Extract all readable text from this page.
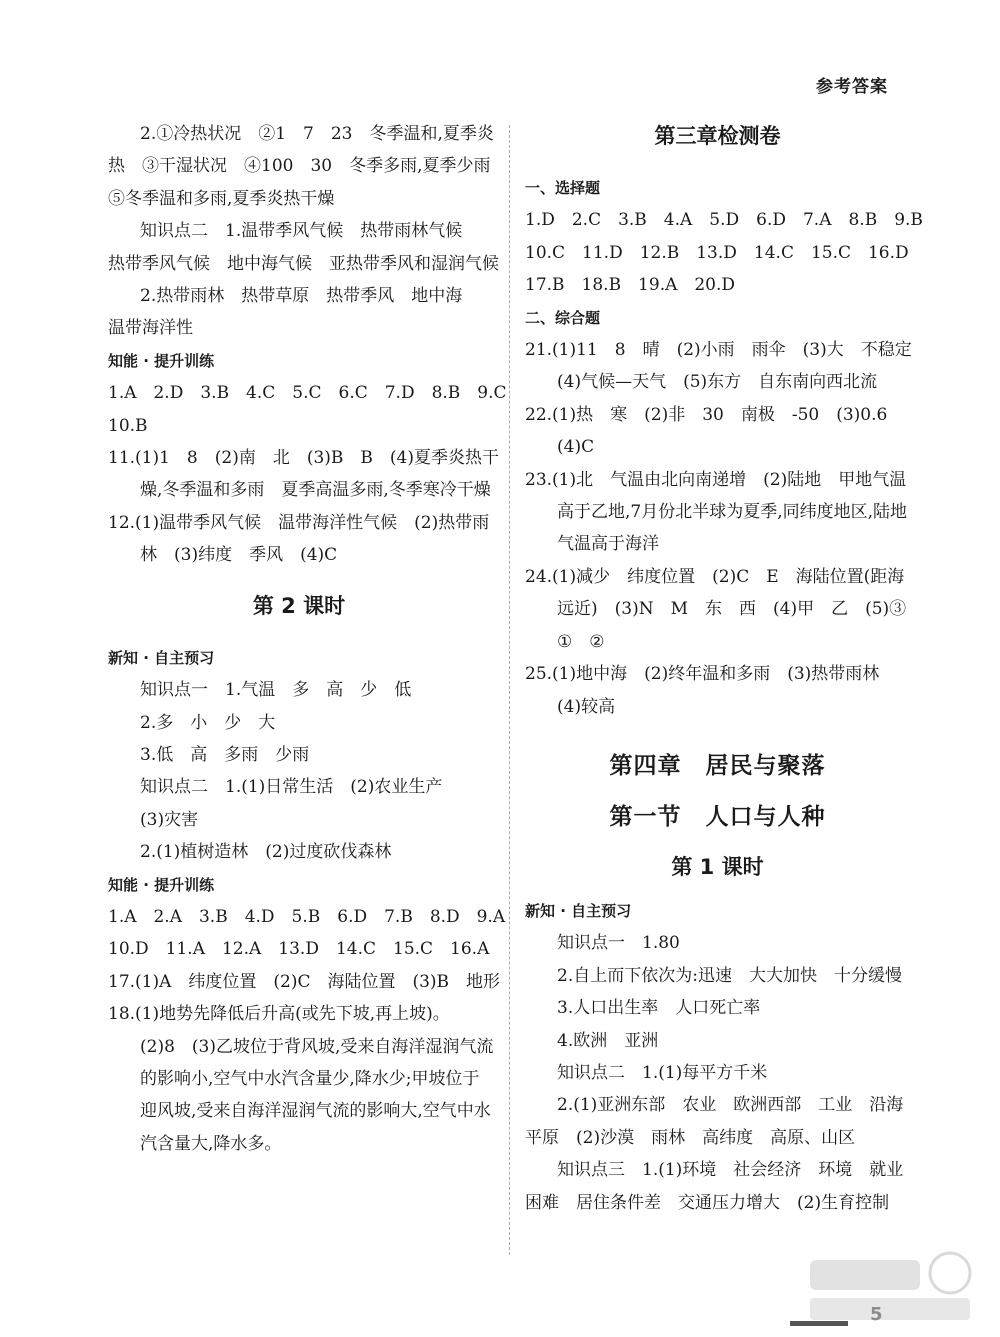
参考答案
2.①冷热状况　②1　7　23　冬季温和,夏季炎
热　③干湿状况　④100　30　冬季多雨,夏季少雨
⑤冬季温和多雨,夏季炎热干燥
知识点二　1.温带季风气候　热带雨林气候
热带季风气候　地中海气候　亚热带季风和湿润气候
2.热带雨林　热带草原　热带季风　地中海
温带海洋性
知能 · 提升训练
1.A　2.D　3.B　4.C　5.C　6.C　7.D　8.B　9.C
10.B
11.(1)1　8　(2)南　北　(3)B　B　(4)夏季炎热干
燥,冬季温和多雨　夏季高温多雨,冬季寒冷干燥
12.(1)温带季风气候　温带海洋性气候　(2)热带雨
林　(3)纬度　季风　(4)C
第 2 课时
新知 · 自主预习
知识点一　1.气温　多　高　少　低
2.多　小　少　大
3.低　高　多雨　少雨
知识点二　1.(1)日常生活　(2)农业生产
(3)灾害
2.(1)植树造林　(2)过度砍伐森林
知能 · 提升训练
1.A　2.A　3.B　4.D　5.B　6.D　7.B　8.D　9.A
10.D　11.A　12.A　13.D　14.C　15.C　16.A
17.(1)A　纬度位置　(2)C　海陆位置　(3)B　地形
18.(1)地势先降低后升高(或先下坡,再上坡)。
(2)8　(3)乙坡位于背风坡,受来自海洋湿润气流
的影响小,空气中水汽含量少,降水少;甲坡位于
迎风坡,受来自海洋湿润气流的影响大,空气中水
汽含量大,降水多。
第三章检测卷
一、选择题
1.D　2.C　3.B　4.A　5.D　6.D　7.A　8.B　9.B
10.C　11.D　12.B　13.D　14.C　15.C　16.D
17.B　18.B　19.A　20.D
二、综合题
21.(1)11　8　晴　(2)小雨　雨伞　(3)大　不稳定
(4)气候—天气　(5)东方　自东南向西北流
22.(1)热　寒　(2)非　30　南极　-50　(3)0.6
(4)C
23.(1)北　气温由北向南递增　(2)陆地　甲地气温
高于乙地,7月份北半球为夏季,同纬度地区,陆地
气温高于海洋
24.(1)减少　纬度位置　(2)C　E　海陆位置(距海
远近)　(3)N　M　东　西　(4)甲　乙　(5)③
①　②
25.(1)地中海　(2)终年温和多雨　(3)热带雨林
(4)较高
第四章　居民与聚落
第一节　人口与人种
第 1 课时
新知 · 自主预习
知识点一　1.80
2.自上而下依次为:迅速　大大加快　十分缓慢
3.人口出生率　人口死亡率
4.欧洲　亚洲
知识点二　1.(1)每平方千米
2.(1)亚洲东部　农业　欧洲西部　工业　沿海
平原　(2)沙漠　雨林　高纬度　高原、山区
知识点三　1.(1)环境　社会经济　环境　就业
困难　居住条件差　交通压力增大　(2)生育控制
